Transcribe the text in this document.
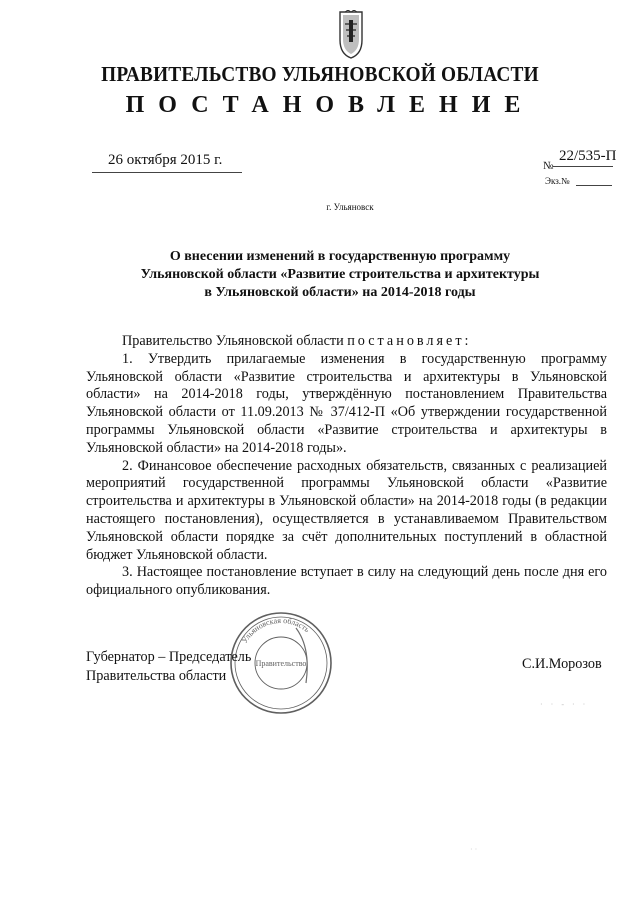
ПРАВИТЕЛЬСТВО УЛЬЯНОВСКОЙ ОБЛАСТИ
ПОСТАНОВЛЕНИЕ
26 октября 2015 г.	№
22/535-П
Экз.№
г. Ульяновск
О внесении изменений в государственную программу
Ульяновской области «Развитие строительства и архитектуры
в Ульяновской области» на 2014-2018 годы

Правительство Ульяновской области постановляет:

1. Утвердить прилагаемые изменения в государственную программу Ульяновской области «Развитие строительства и архитектуры в Ульяновской области» на 2014-2018 годы, утверждённую постановлением Правительства Ульяновской области от 11.09.2013 № 37/412-П «Об утверждении государственной программы Ульяновской области «Развитие строительства и архитектуры в Ульяновской области» на 2014-2018 годы».

2. Финансовое обеспечение расходных обязательств, связанных с реализацией мероприятий государственной программы Ульяновской области «Развитие строительства и архитектуры в Ульяновской области» на 2014-2018 годы (в редакции настоящего постановления), осуществляется в устанавливаемом Правительством Ульяновской области порядке за счёт дополнительных поступлений в областной бюджет Ульяновской области.

3. Настоящее постановление вступает в силу на следующий день после дня его официального опубликования.

Губернатор – Председатель
Правительства области
С.И.Морозов
Ульяновская область
Правительство
· · - · ·
· ·
